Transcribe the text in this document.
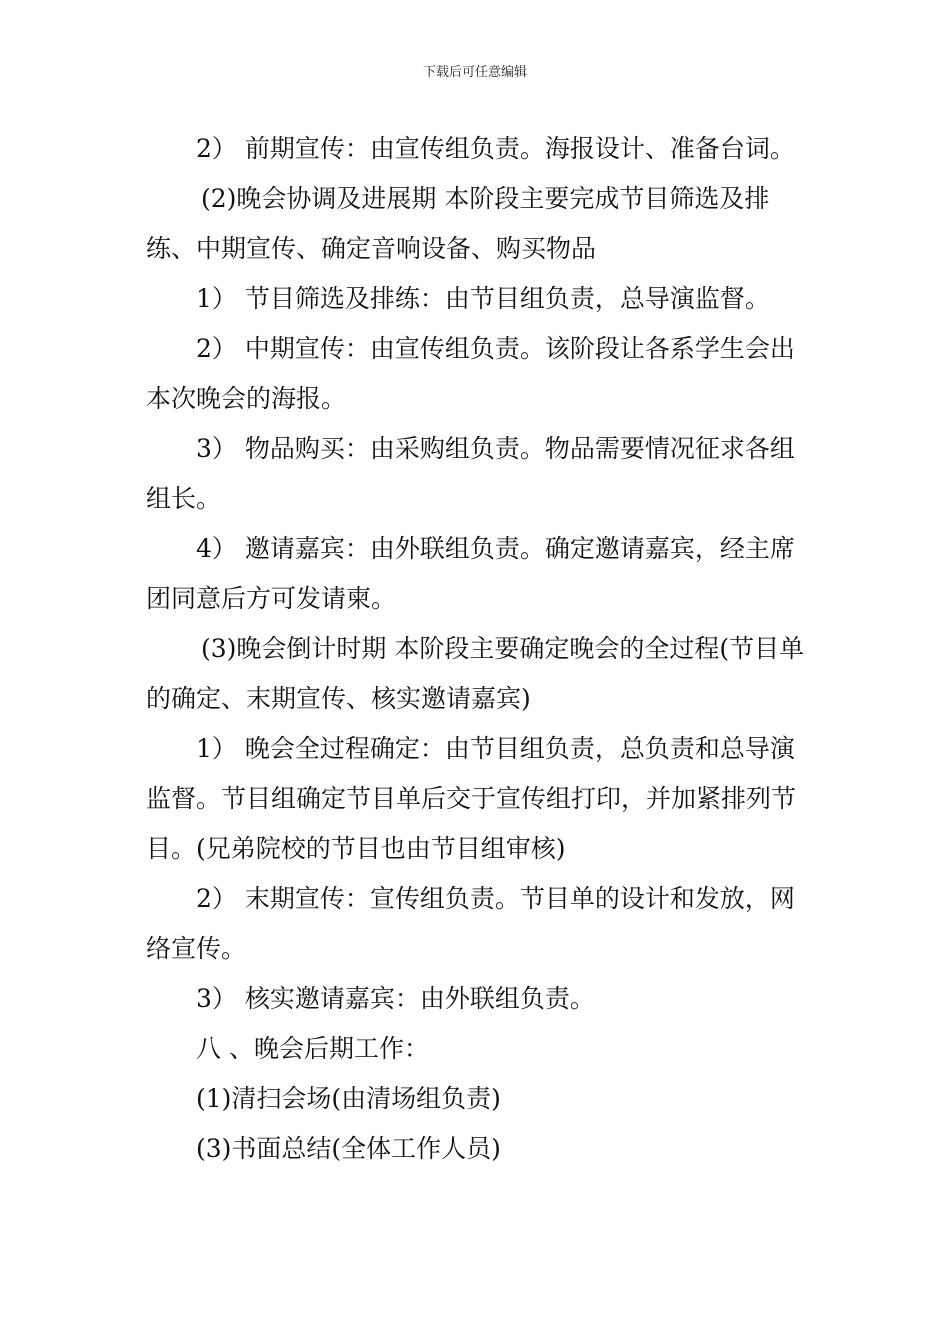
下载后可任意编辑

2） 前期宣传：由宣传组负责。海报设计、准备台词。

(2)晚会协调及进展期 本阶段主要完成节目筛选及排练、中期宣传、确定音响设备、购买物品

1） 节目筛选及排练：由节目组负责，总导演监督。

2） 中期宣传：由宣传组负责。该阶段让各系学生会出本次晚会的海报。

3） 物品购买：由采购组负责。物品需要情况征求各组组长。

4） 邀请嘉宾：由外联组负责。确定邀请嘉宾，经主席团同意后方可发请柬。

(3)晚会倒计时期 本阶段主要确定晚会的全过程(节目单的确定、末期宣传、核实邀请嘉宾)

1） 晚会全过程确定：由节目组负责，总负责和总导演监督。节目组确定节目单后交于宣传组打印，并加紧排列节目。(兄弟院校的节目也由节目组审核)

2） 末期宣传：宣传组负责。节目单的设计和发放，网络宣传。

3） 核实邀请嘉宾：由外联组负责。

八 、晚会后期工作：

(1)清扫会场(由清场组负责)

(3)书面总结(全体工作人员)
